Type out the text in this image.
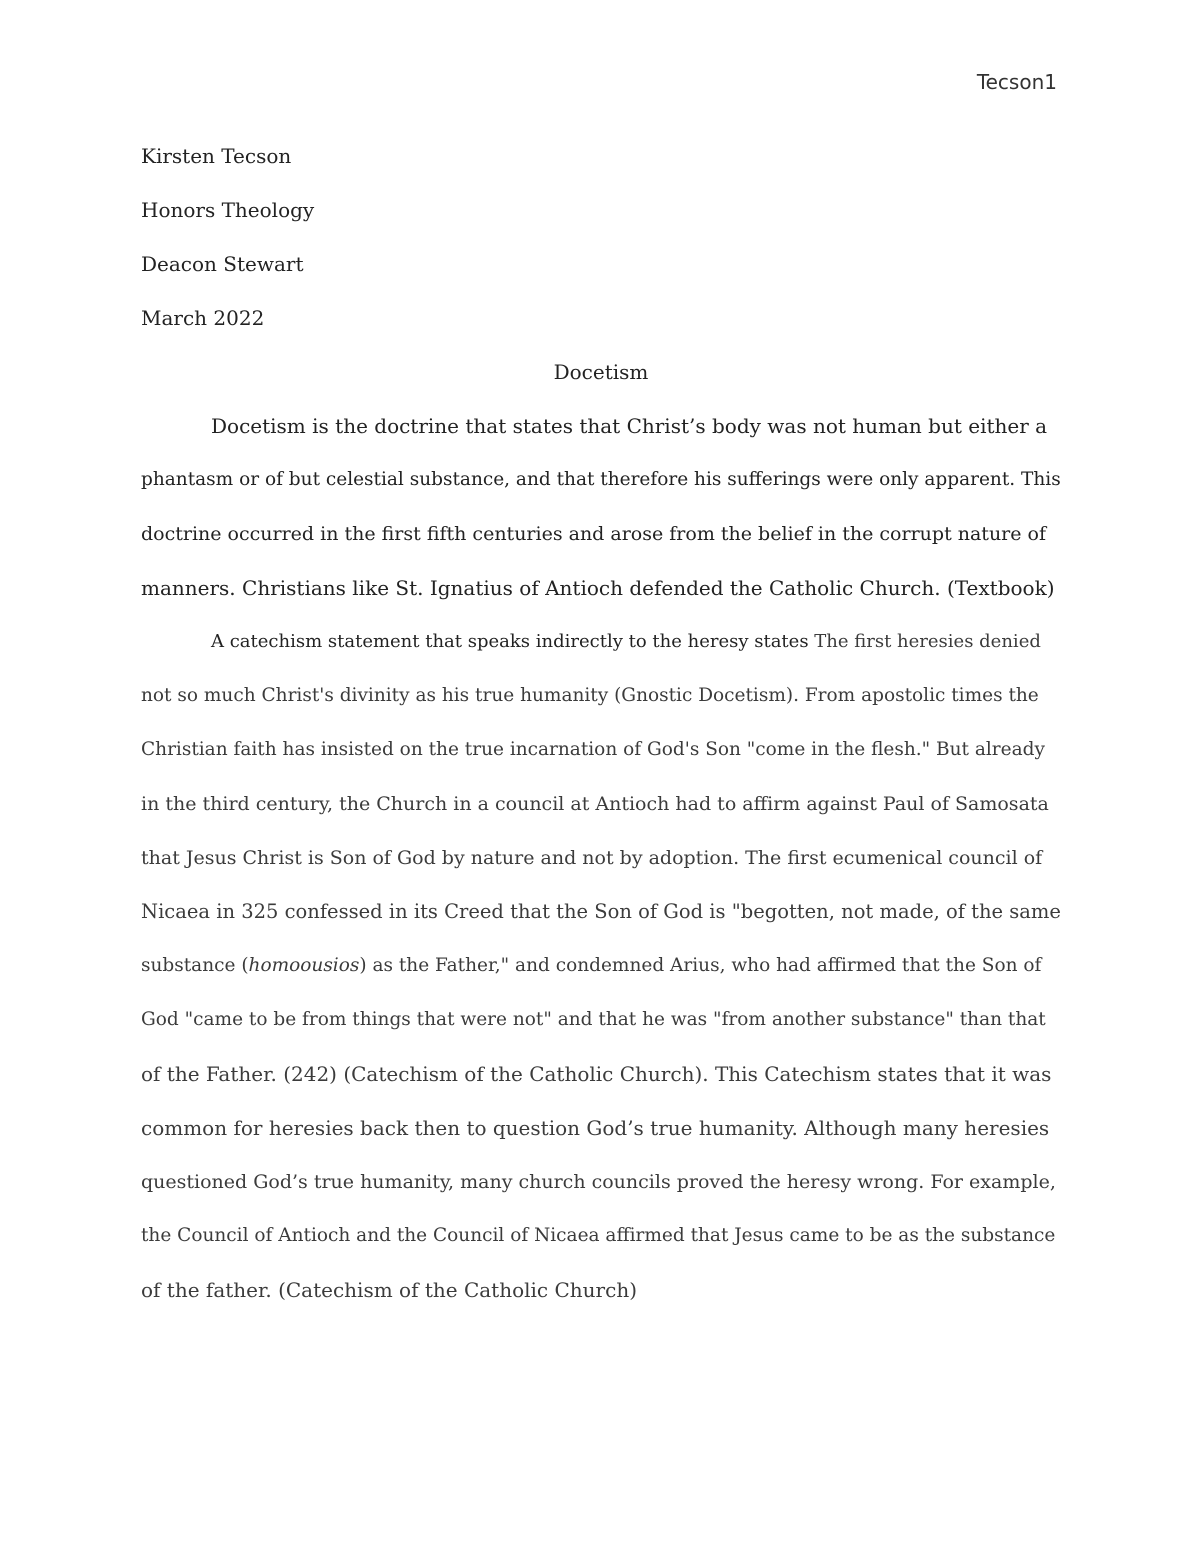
Tecson1
Kirsten Tecson
Honors Theology
Deacon Stewart
March 2022
Docetism
Docetism is the doctrine that states that Christ’s body was not human but either a
phantasm or of but celestial substance, and that therefore his sufferings were only apparent. This
doctrine occurred in the first fifth centuries and arose from the belief in the corrupt nature of
manners. Christians like St. Ignatius of Antioch defended the Catholic Church. (Textbook)
A catechism statement that speaks indirectly to the heresy states The first heresies denied
not so much Christ's divinity as his true humanity (Gnostic Docetism). From apostolic times the
Christian faith has insisted on the true incarnation of God's Son "come in the flesh." But already
in the third century, the Church in a council at Antioch had to affirm against Paul of Samosata
that Jesus Christ is Son of God by nature and not by adoption. The first ecumenical council of
Nicaea in 325 confessed in its Creed that the Son of God is "begotten, not made, of the same
substance (homoousios) as the Father," and condemned Arius, who had affirmed that the Son of
God "came to be from things that were not" and that he was "from another substance" than that
of the Father. (242) (Catechism of the Catholic Church). This Catechism states that it was
common for heresies back then to question God’s true humanity. Although many heresies
questioned God’s true humanity, many church councils proved the heresy wrong. For example,
the Council of Antioch and the Council of Nicaea affirmed that Jesus came to be as the substance
of the father. (Catechism of the Catholic Church)
